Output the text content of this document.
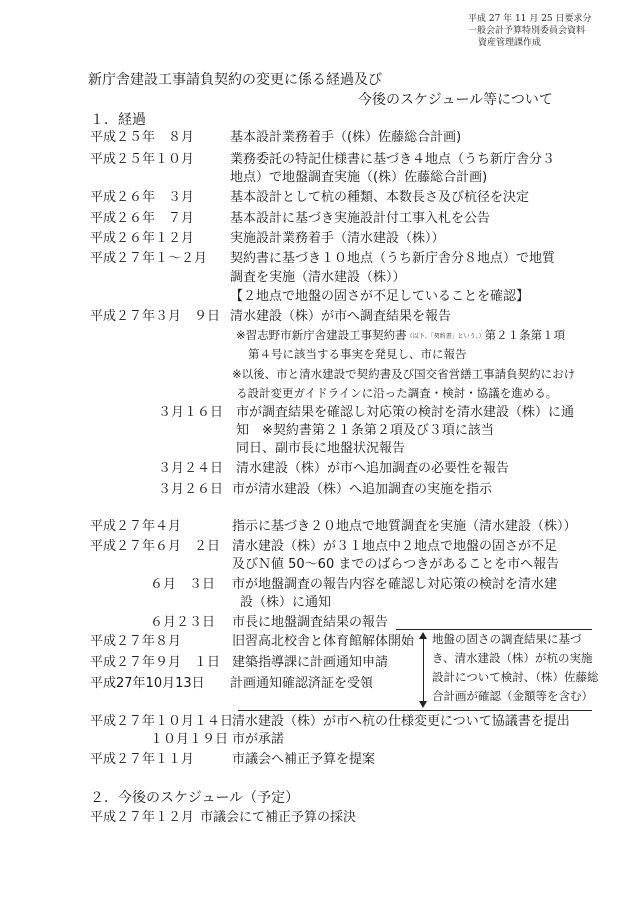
平成 27 年 11 月 25 日要求分
一般会計予算特別委員会資料
資産管理課作成
新庁舎建設工事請負契約の変更に係る経過及び
今後のスケジュール等について
１．経過
平成２５年　８月	基本設計業務着手（(株）佐藤総合計画)
平成２５年１０月	業務委託の特記仕様書に基づき４地点（うち新庁舎分３
地点）で地盤調査実施（(株）佐藤総合計画)
平成２６年　３月	基本設計として杭の種類、本数長さ及び杭径を決定
平成２６年　７月	基本設計に基づき実施設計付工事入札を公告
平成２６年１２月	実施設計業務着手（清水建設（株））
平成２７年１〜２月 契約書に基づき１０地点（うち新庁舎分８地点）で地質
調査を実施（清水建設（株））
【２地点で地盤の固さが不足していることを確認】
平成２７年３月　９日 清水建設（株）が市へ調査結果を報告
※習志野市新庁舎建設工事契約書（以下、「契約書」という。）第２１条第１項
第４号に該当する事実を発見し、市に報告
※以後、市と清水建設で契約書及び国交省営繕工事請負契約におけ
る設計変更ガイドラインに沿った調査・検討・協議を進める。
３月１６日 市が調査結果を確認し対応策の検討を清水建設（株）に通
知　※契約書第２１条第２項及び３項に該当
同日、副市長に地盤状況報告
３月２４日 清水建設（株）が市へ追加調査の必要性を報告
３月２６日 市が清水建設（株）へ追加調査の実施を指示
平成２７年４月	指示に基づき２０地点で地質調査を実施（清水建設（株））
平成２７年６月　２日 清水建設（株）が３１地点中２地点で地盤の固さが不足
及びＮ値 50〜60 までのばらつきがあることを市へ報告
６月　３日 市が地盤調査の報告内容を確認し対応策の検討を清水建
設（株）に通知
６月２３日 市長に地盤調査結果の報告
平成２７年８月	旧習高北校舎と体育館解体開始
平成２７年９月　１日 建築指導課に計画通知申請
平成27年10月13日 計画通知確認済証を受領
地盤の固さの調査結果に基づ
き、清水建設（株）が杭の実施
設計について検討、（株）佐藤総
合計画が確認（金額等を含む）
平成２７年１０月１４日
清水建設（株）が市へ杭の仕様変更について協議書を提出
１０月１９日 市が承諾
平成２７年１１月	市議会へ補正予算を提案
２．今後のスケジュール（予定）
平成２７年１２月 市議会にて補正予算の採決
